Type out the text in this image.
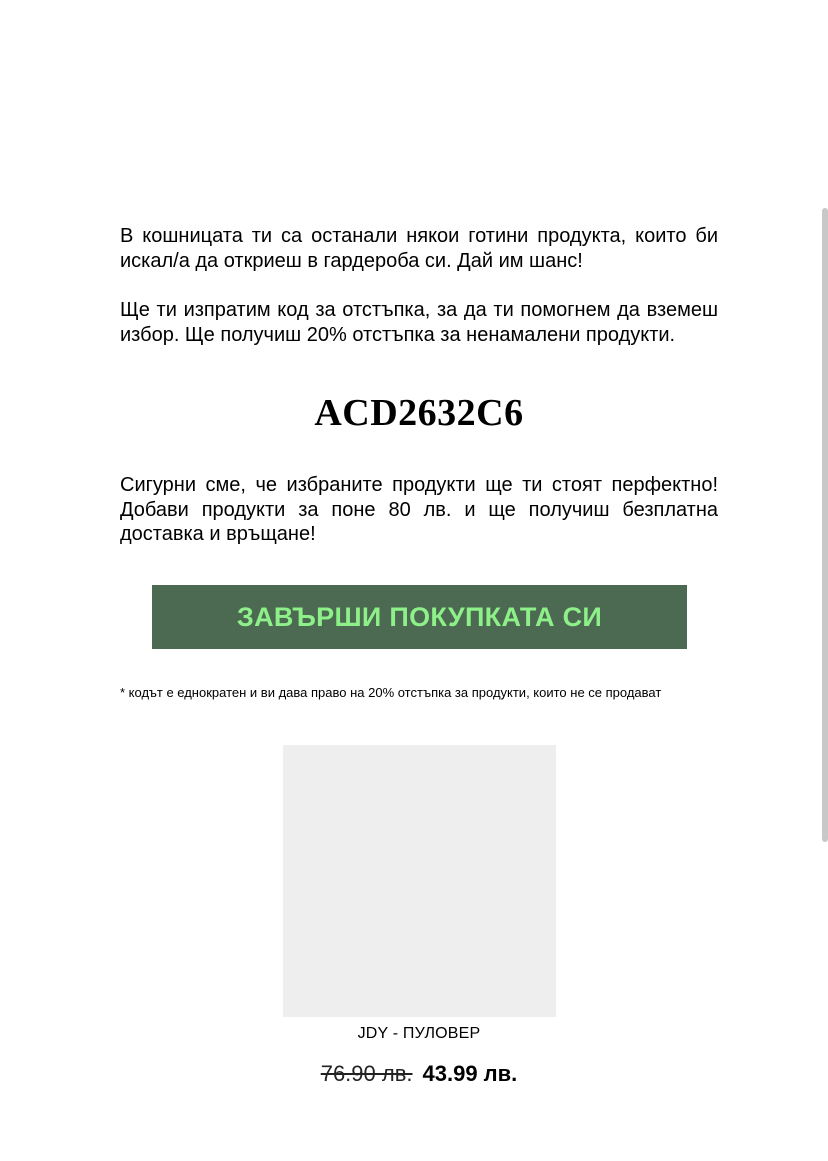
В кошницата ти са останали някои готини продукта, които би искал/а да откриеш в гардероба си. Дай им шанс!

Ще ти изпратим код за отстъпка, за да ти помогнем да вземеш избор. Ще получиш 20% отстъпка за ненамалени продукти.

ACD2632C6

Сигурни сме, че избраните продукти ще ти стоят перфектно! Добави продукти за поне 80 лв. и ще получиш безплатна доставка и връщане!

ЗАВЪРШИ ПОКУПКАТА СИ
* кодът е еднократен и ви дава право на 20% отстъпка за продукти, които не се продават
JDY - ПУЛОВЕР
76.90 лв. 43.99 лв.
